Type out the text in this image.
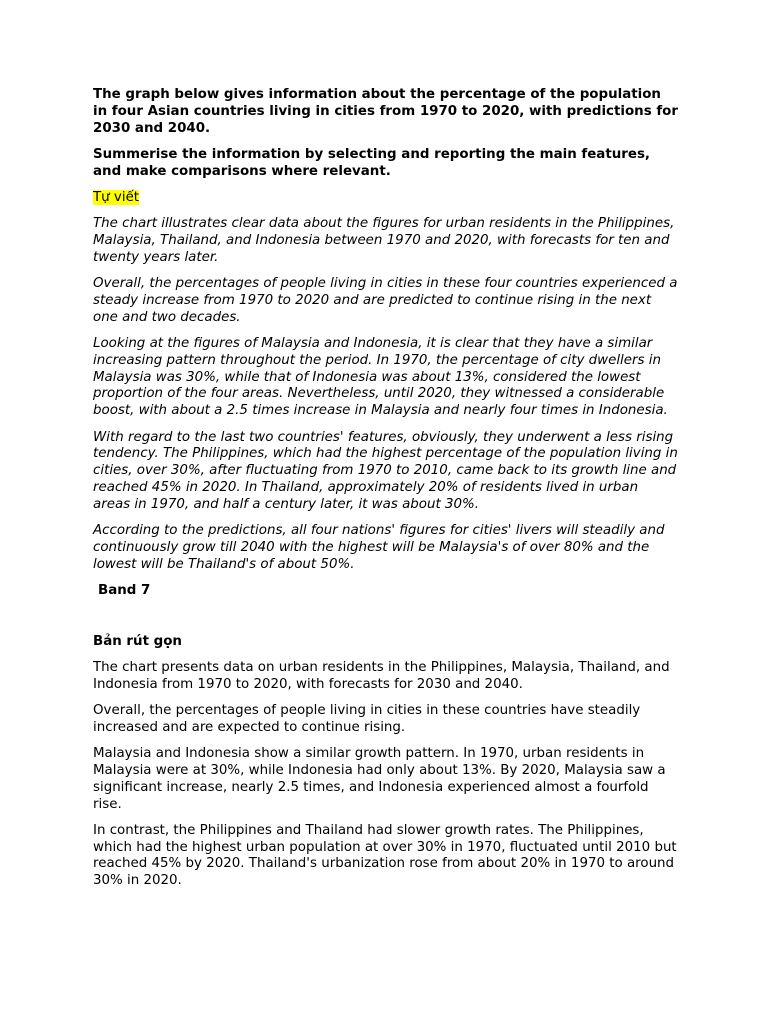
The graph below gives information about the percentage of the population in four Asian countries living in cities from 1970 to 2020, with predictions for 2030 and 2040.

Summerise the information by selecting and reporting the main features, and make comparisons where relevant.

Tự viết

The chart illustrates clear data about the figures for urban residents in the Philippines, Malaysia, Thailand, and Indonesia between 1970 and 2020, with forecasts for ten and twenty years later.

Overall, the percentages of people living in cities in these four countries experienced a steady increase from 1970 to 2020 and are predicted to continue rising in the next one and two decades.

Looking at the figures of Malaysia and Indonesia, it is clear that they have a similar increasing pattern throughout the period. In 1970, the percentage of city dwellers in Malaysia was 30%, while that of Indonesia was about 13%, considered the lowest proportion of the four areas. Nevertheless, until 2020, they witnessed a considerable boost, with about a 2.5 times increase in Malaysia and nearly four times in Indonesia.

With regard to the last two countries' features, obviously, they underwent a less rising tendency. The Philippines, which had the highest percentage of the population living in cities, over 30%, after fluctuating from 1970 to 2010, came back to its growth line and reached 45% in 2020. In Thailand, approximately 20% of residents lived in urban areas in 1970, and half a century later, it was about 30%.

According to the predictions, all four nations' figures for cities' livers will steadily and continuously grow till 2040 with the highest will be Malaysia's of over 80% and the lowest will be Thailand's of about 50%.

Band 7

Bản rút gọn

The chart presents data on urban residents in the Philippines, Malaysia, Thailand, and Indonesia from 1970 to 2020, with forecasts for 2030 and 2040.

Overall, the percentages of people living in cities in these countries have steadily increased and are expected to continue rising.

Malaysia and Indonesia show a similar growth pattern. In 1970, urban residents in Malaysia were at 30%, while Indonesia had only about 13%. By 2020, Malaysia saw a significant increase, nearly 2.5 times, and Indonesia experienced almost a fourfold rise.

In contrast, the Philippines and Thailand had slower growth rates. The Philippines, which had the highest urban population at over 30% in 1970, fluctuated until 2010 but reached 45% by 2020. Thailand's urbanization rose from about 20% in 1970 to around 30% in 2020.
